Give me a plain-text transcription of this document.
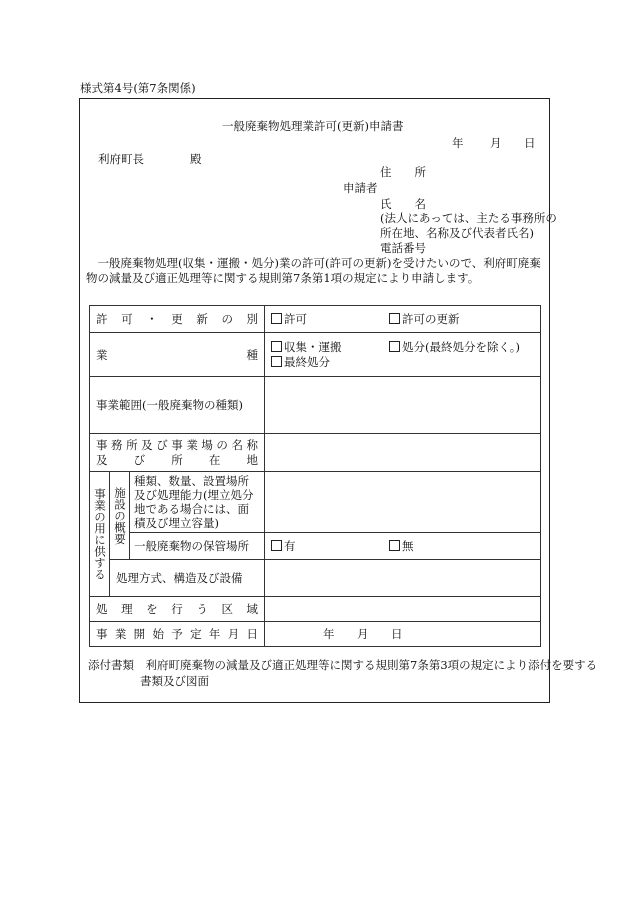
様式第4号(第7条関係)
一般廃棄物処理業許可(更新)申請書
年 月 日
利府町長　　　　殿
住　　所
申請者
氏　　名
(法人にあっては、主たる事務所の所在地、名称及び代表者氏名)
電話番号
一般廃棄物処理(収集・運搬・処分)業の許可(許可の更新)を受けたいので、利府町廃棄物の減量及び適正処理等に関する規則第7条第1項の規定により申請します。
許可・更新の別			許可 許可の更新
業種			収集・運搬 処分(最終処分を除く。)
最終処分
事業範囲(一般廃棄物の種類)			

事務所及び事業場の名称
及び所在地			

事業の用に供する	施設の概要	種類、数量、設置場所及び処理能力(埋立処分地である場合には、面積及び埋立容量)	
		一般廃棄物の保管場所	有 無
	処理方式、構造及び設備		
処理を行う区域			
事業開始予定年月日			年 月 日
添付書類　利府町廃棄物の減量及び適正処理等に関する規則第7条第3項の規定により添付を要する書類及び図面
